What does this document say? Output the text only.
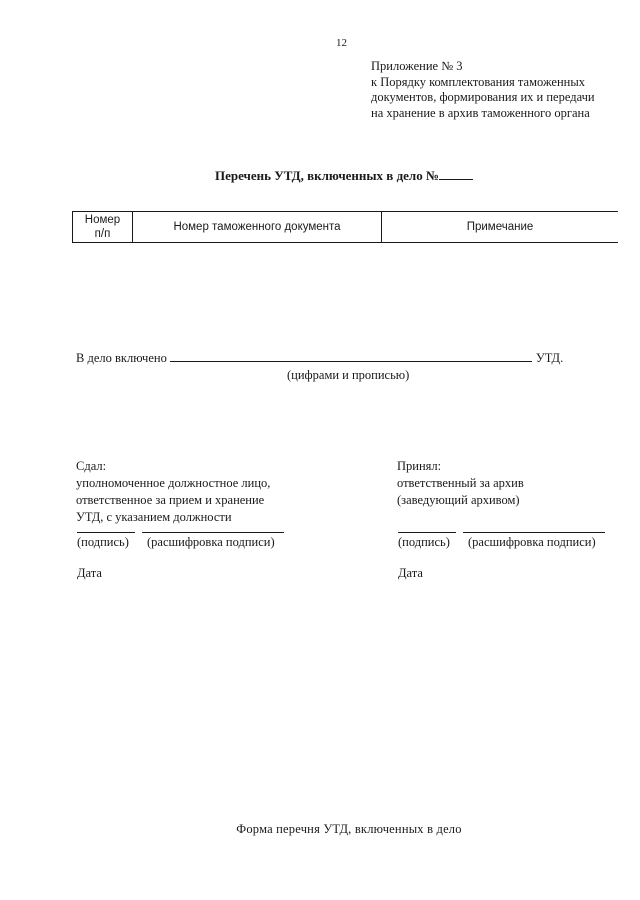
12
Приложение № 3
к Порядку комплектования таможенных
документов, формирования их и передачи
на хранение в архив таможенного органа
Перечень УТД, включенных в дело №
Номер
п/п	Номер таможенного документа	Примечание
В дело включено	УТД.
(цифрами и прописью)
Сдал:
уполномоченное должностное лицо,
ответственное за прием и хранение
УТД, с указанием должности
(подпись) (расшифровка подписи)
Дата
Принял:
ответственный за архив
(заведующий архивом)
(подпись) (расшифровка подписи)
Дата
Форма перечня УТД, включенных в дело
